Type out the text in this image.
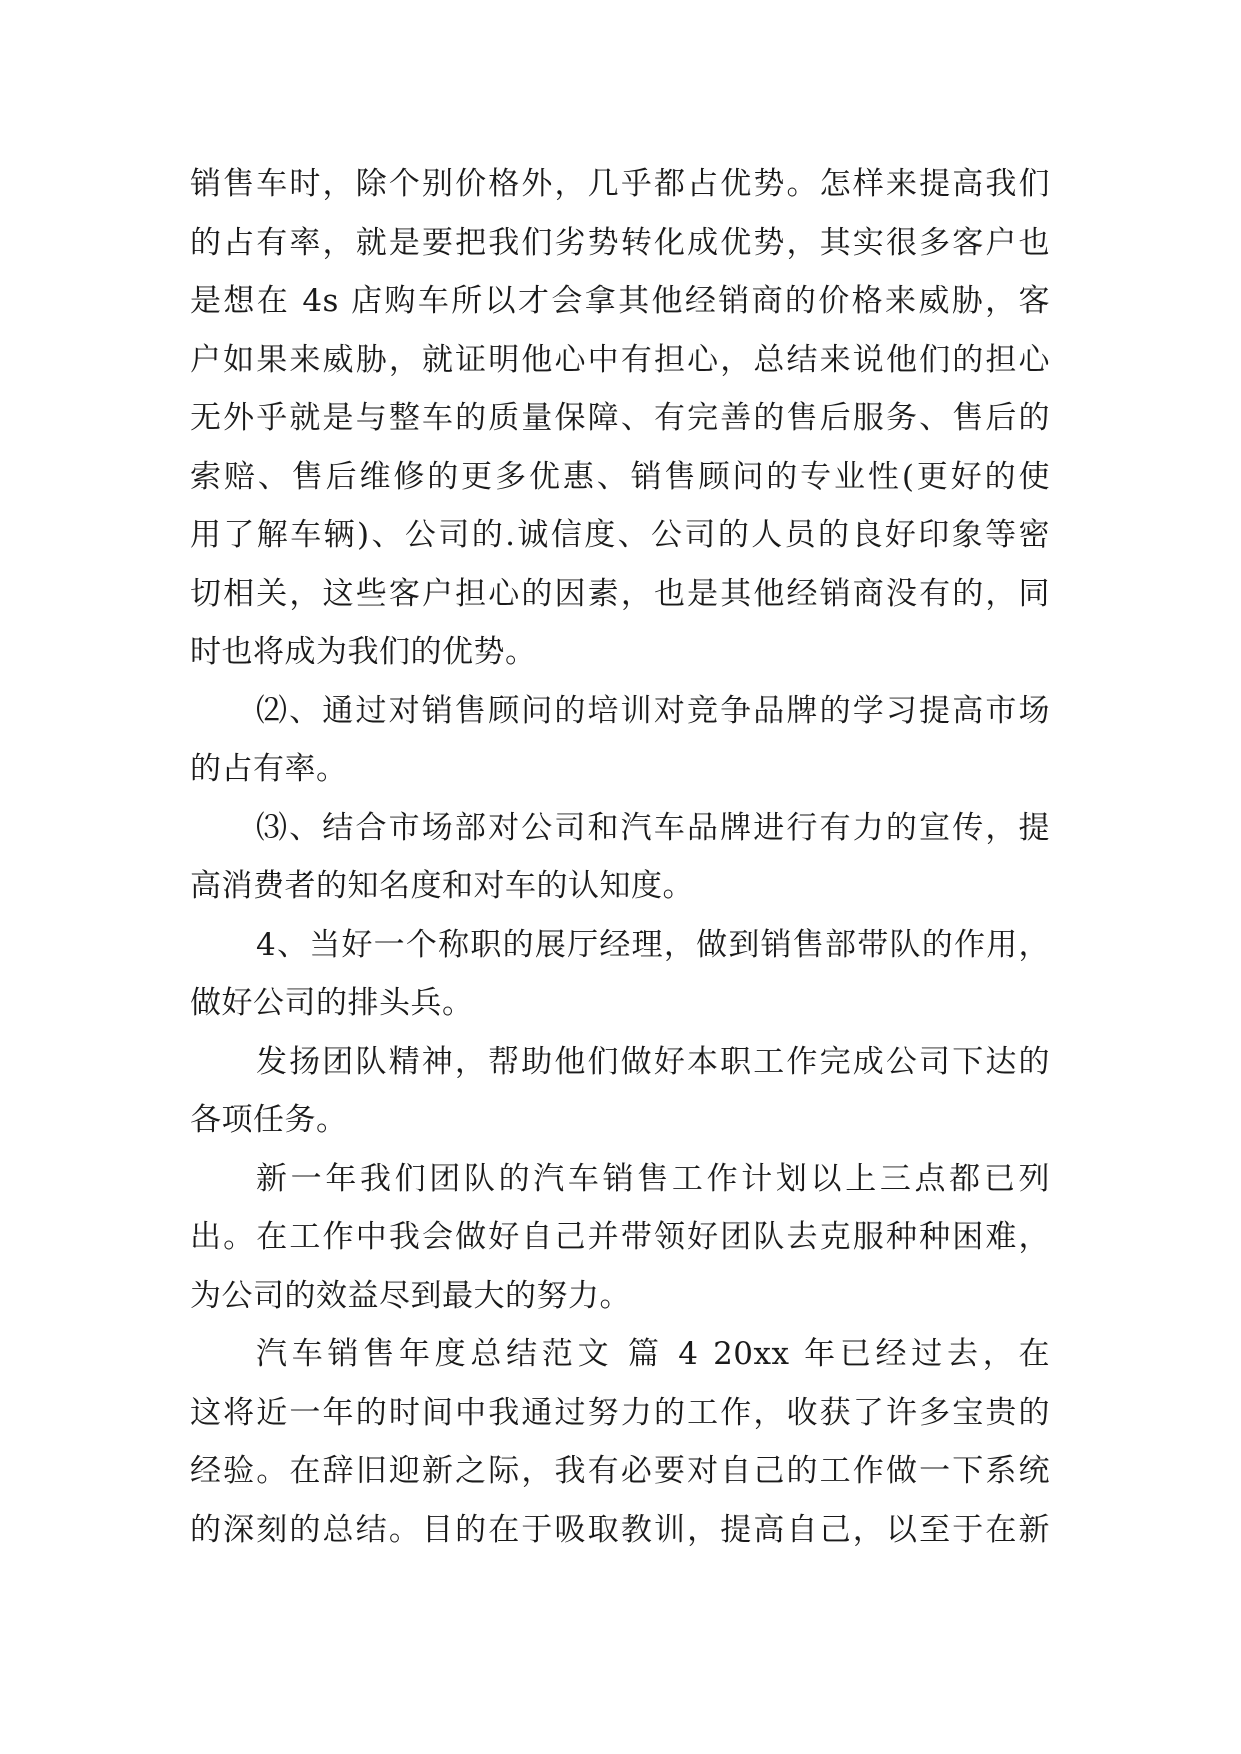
销售车时，除个别价格外，几乎都占优势。怎样来提高我们
的占有率，就是要把我们劣势转化成优势，其实很多客户也
是想在 4s 店购车所以才会拿其他经销商的价格来威胁，客
户如果来威胁，就证明他心中有担心，总结来说他们的担心
无外乎就是与整车的质量保障、有完善的售后服务、售后的
索赔、售后维修的更多优惠、销售顾问的专业性(更好的使
用了解车辆)、公司的.诚信度、公司的人员的良好印象等密
切相关，这些客户担心的因素，也是其他经销商没有的，同
时也将成为我们的优势。
⑵、通过对销售顾问的培训对竞争品牌的学习提高市场
的占有率。
⑶、结合市场部对公司和汽车品牌进行有力的宣传，提
高消费者的知名度和对车的认知度。
4、当好一个称职的展厅经理，做到销售部带队的作用，
做好公司的排头兵。
发扬团队精神，帮助他们做好本职工作完成公司下达的
各项任务。
新一年我们团队的汽车销售工作计划以上三点都已列
出。在工作中我会做好自己并带领好团队去克服种种困难，
为公司的效益尽到最大的努力。
汽车销售年度总结范文 篇 4 20xx 年已经过去，在
这将近一年的时间中我通过努力的工作，收获了许多宝贵的
经验。在辞旧迎新之际，我有必要对自己的工作做一下系统
的深刻的总结。目的在于吸取教训，提高自己，以至于在新
